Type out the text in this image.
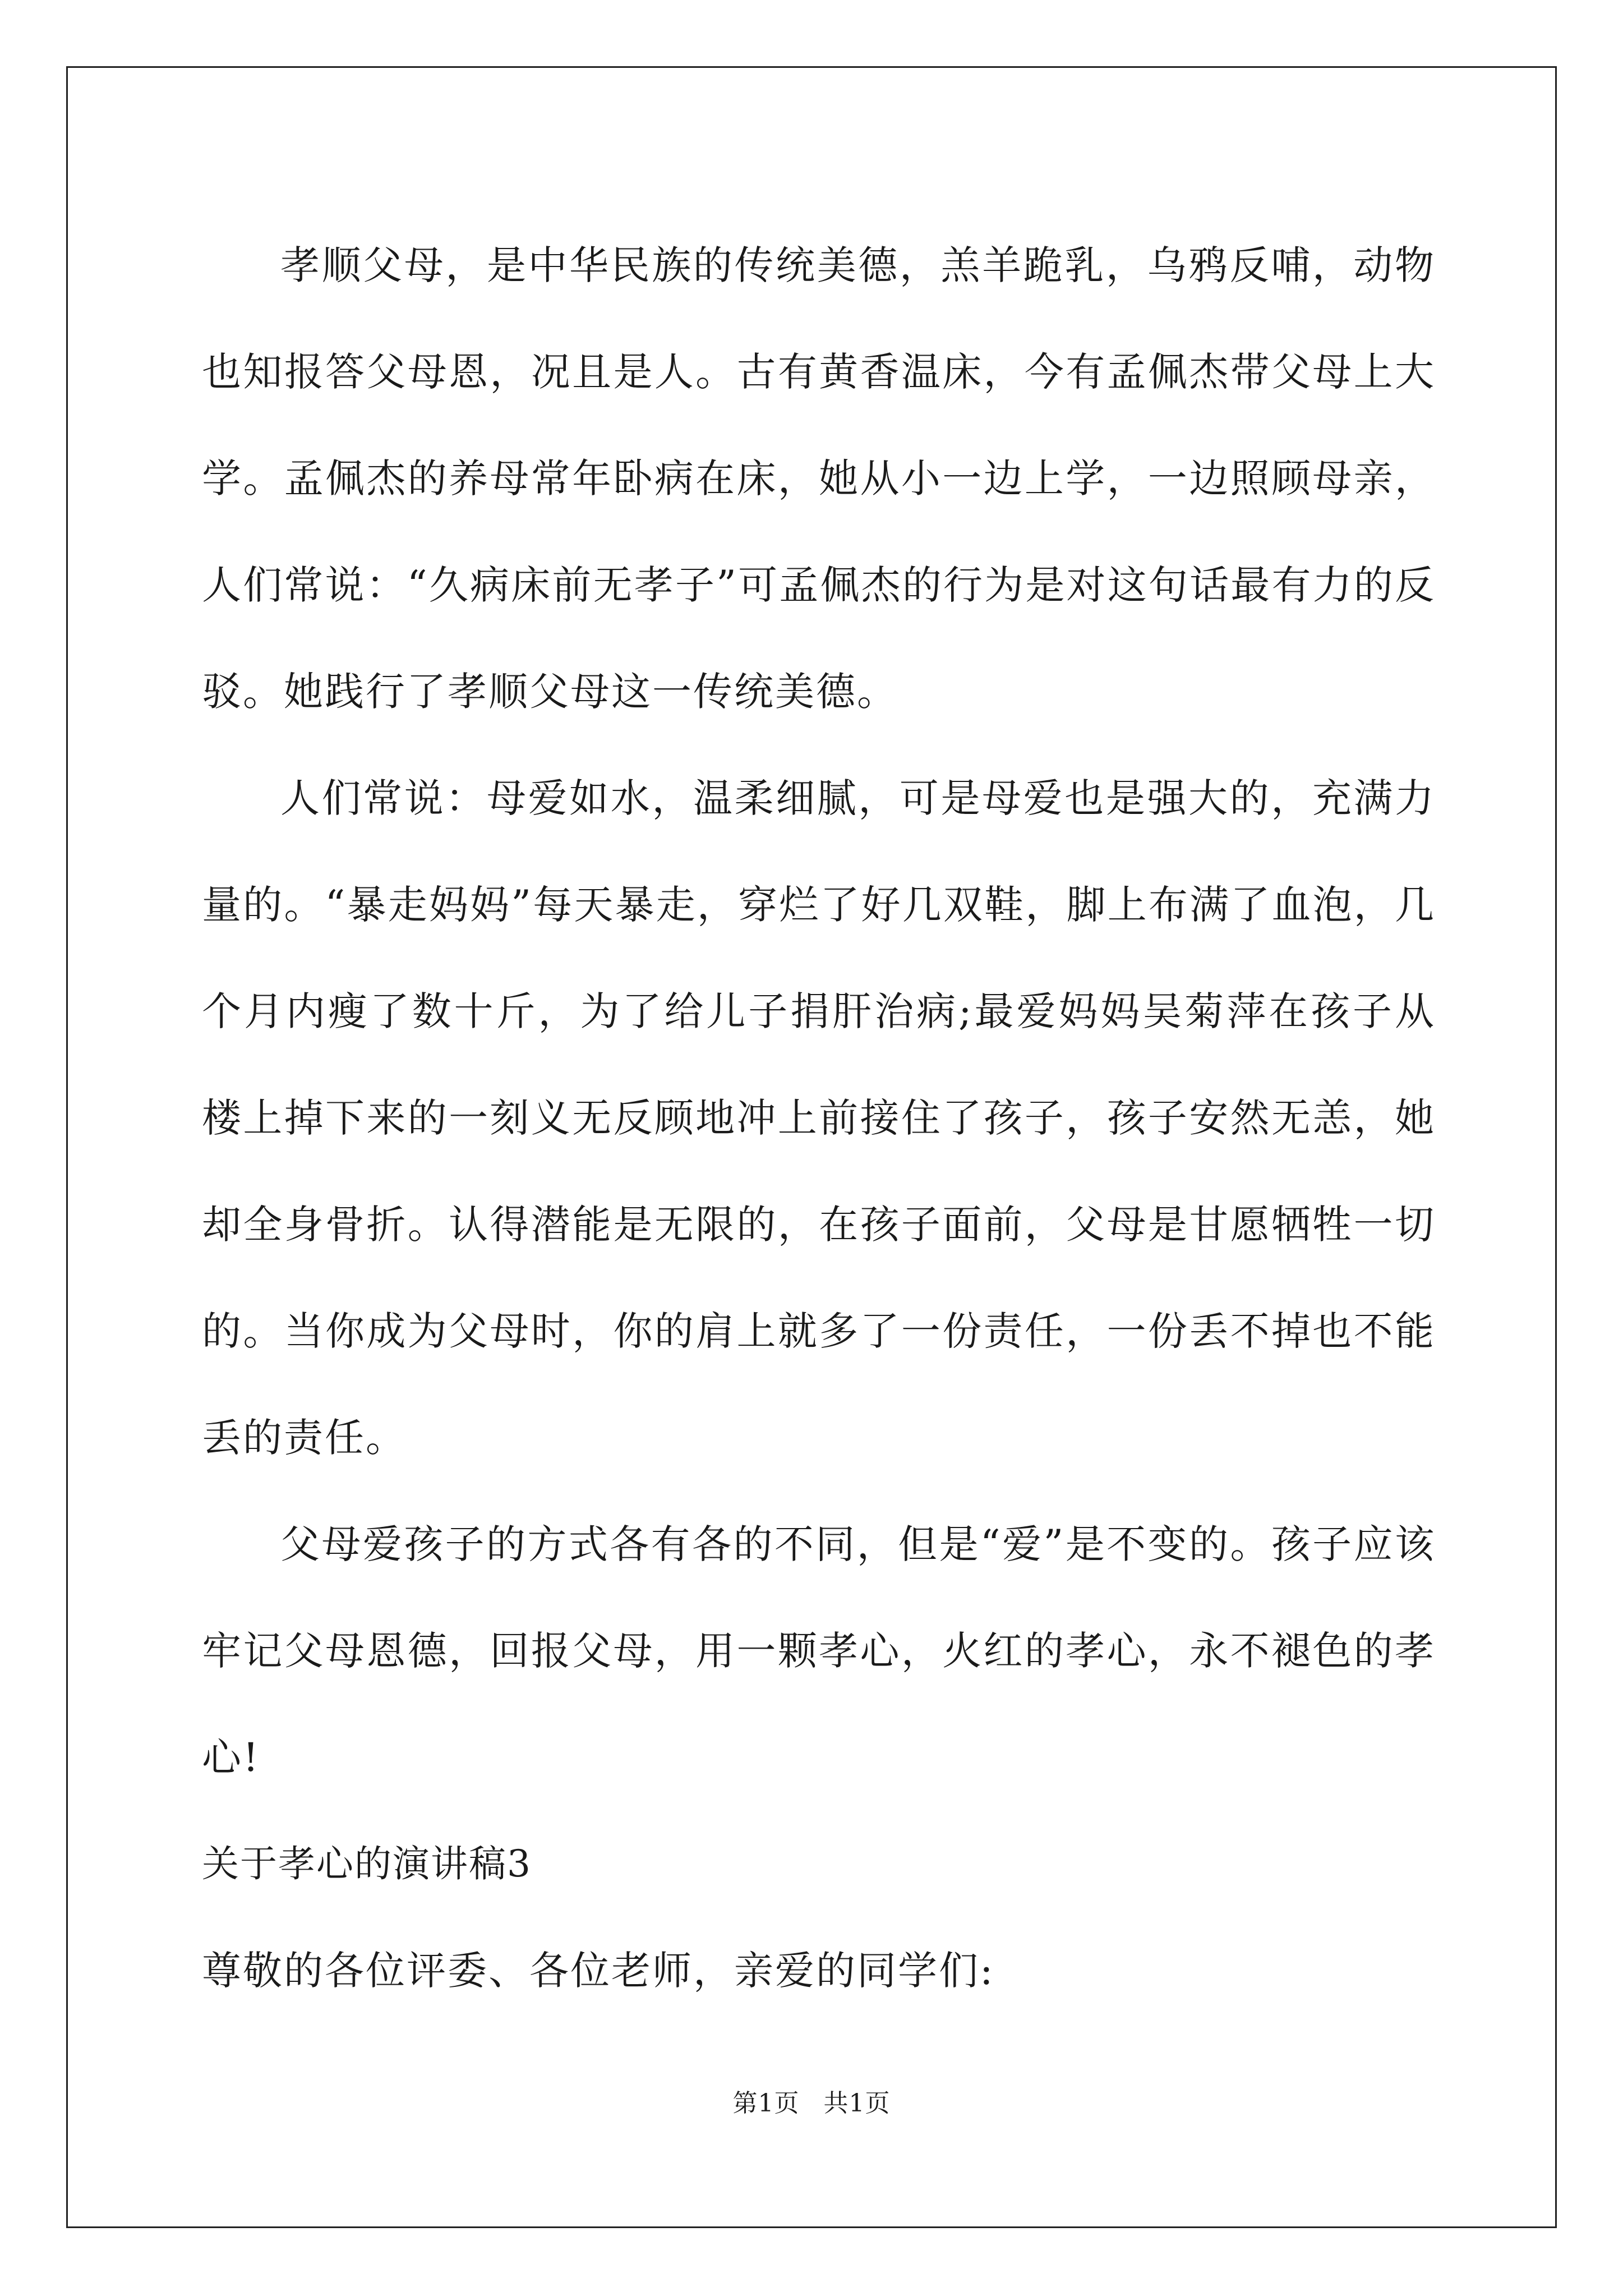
孝顺父母，是中华民族的传统美德，羔羊跪乳，乌鸦反哺，动物也知报答父母恩，况且是人。古有黄香温床，今有孟佩杰带父母上大学。孟佩杰的养母常年卧病在床，她从小一边上学，一边照顾母亲，人们常说：“久病床前无孝子”可孟佩杰的行为是对这句话最有力的反驳。她践行了孝顺父母这一传统美德。

人们常说：母爱如水，温柔细腻，可是母爱也是强大的，充满力量的。“暴走妈妈”每天暴走，穿烂了好几双鞋，脚上布满了血泡，几个月内瘦了数十斤，为了给儿子捐肝治病;最爱妈妈吴菊萍在孩子从楼上掉下来的一刻义无反顾地冲上前接住了孩子，孩子安然无恙，她却全身骨折。认得潜能是无限的，在孩子面前，父母是甘愿牺牲一切的。当你成为父母时，你的肩上就多了一份责任，一份丢不掉也不能丢的责任。

父母爱孩子的方式各有各的不同，但是“爱”是不变的。孩子应该牢记父母恩德，回报父母，用一颗孝心，火红的孝心，永不褪色的孝心!

关于孝心的演讲稿3

尊敬的各位评委、各位老师，亲爱的同学们:

第1页 共1页
